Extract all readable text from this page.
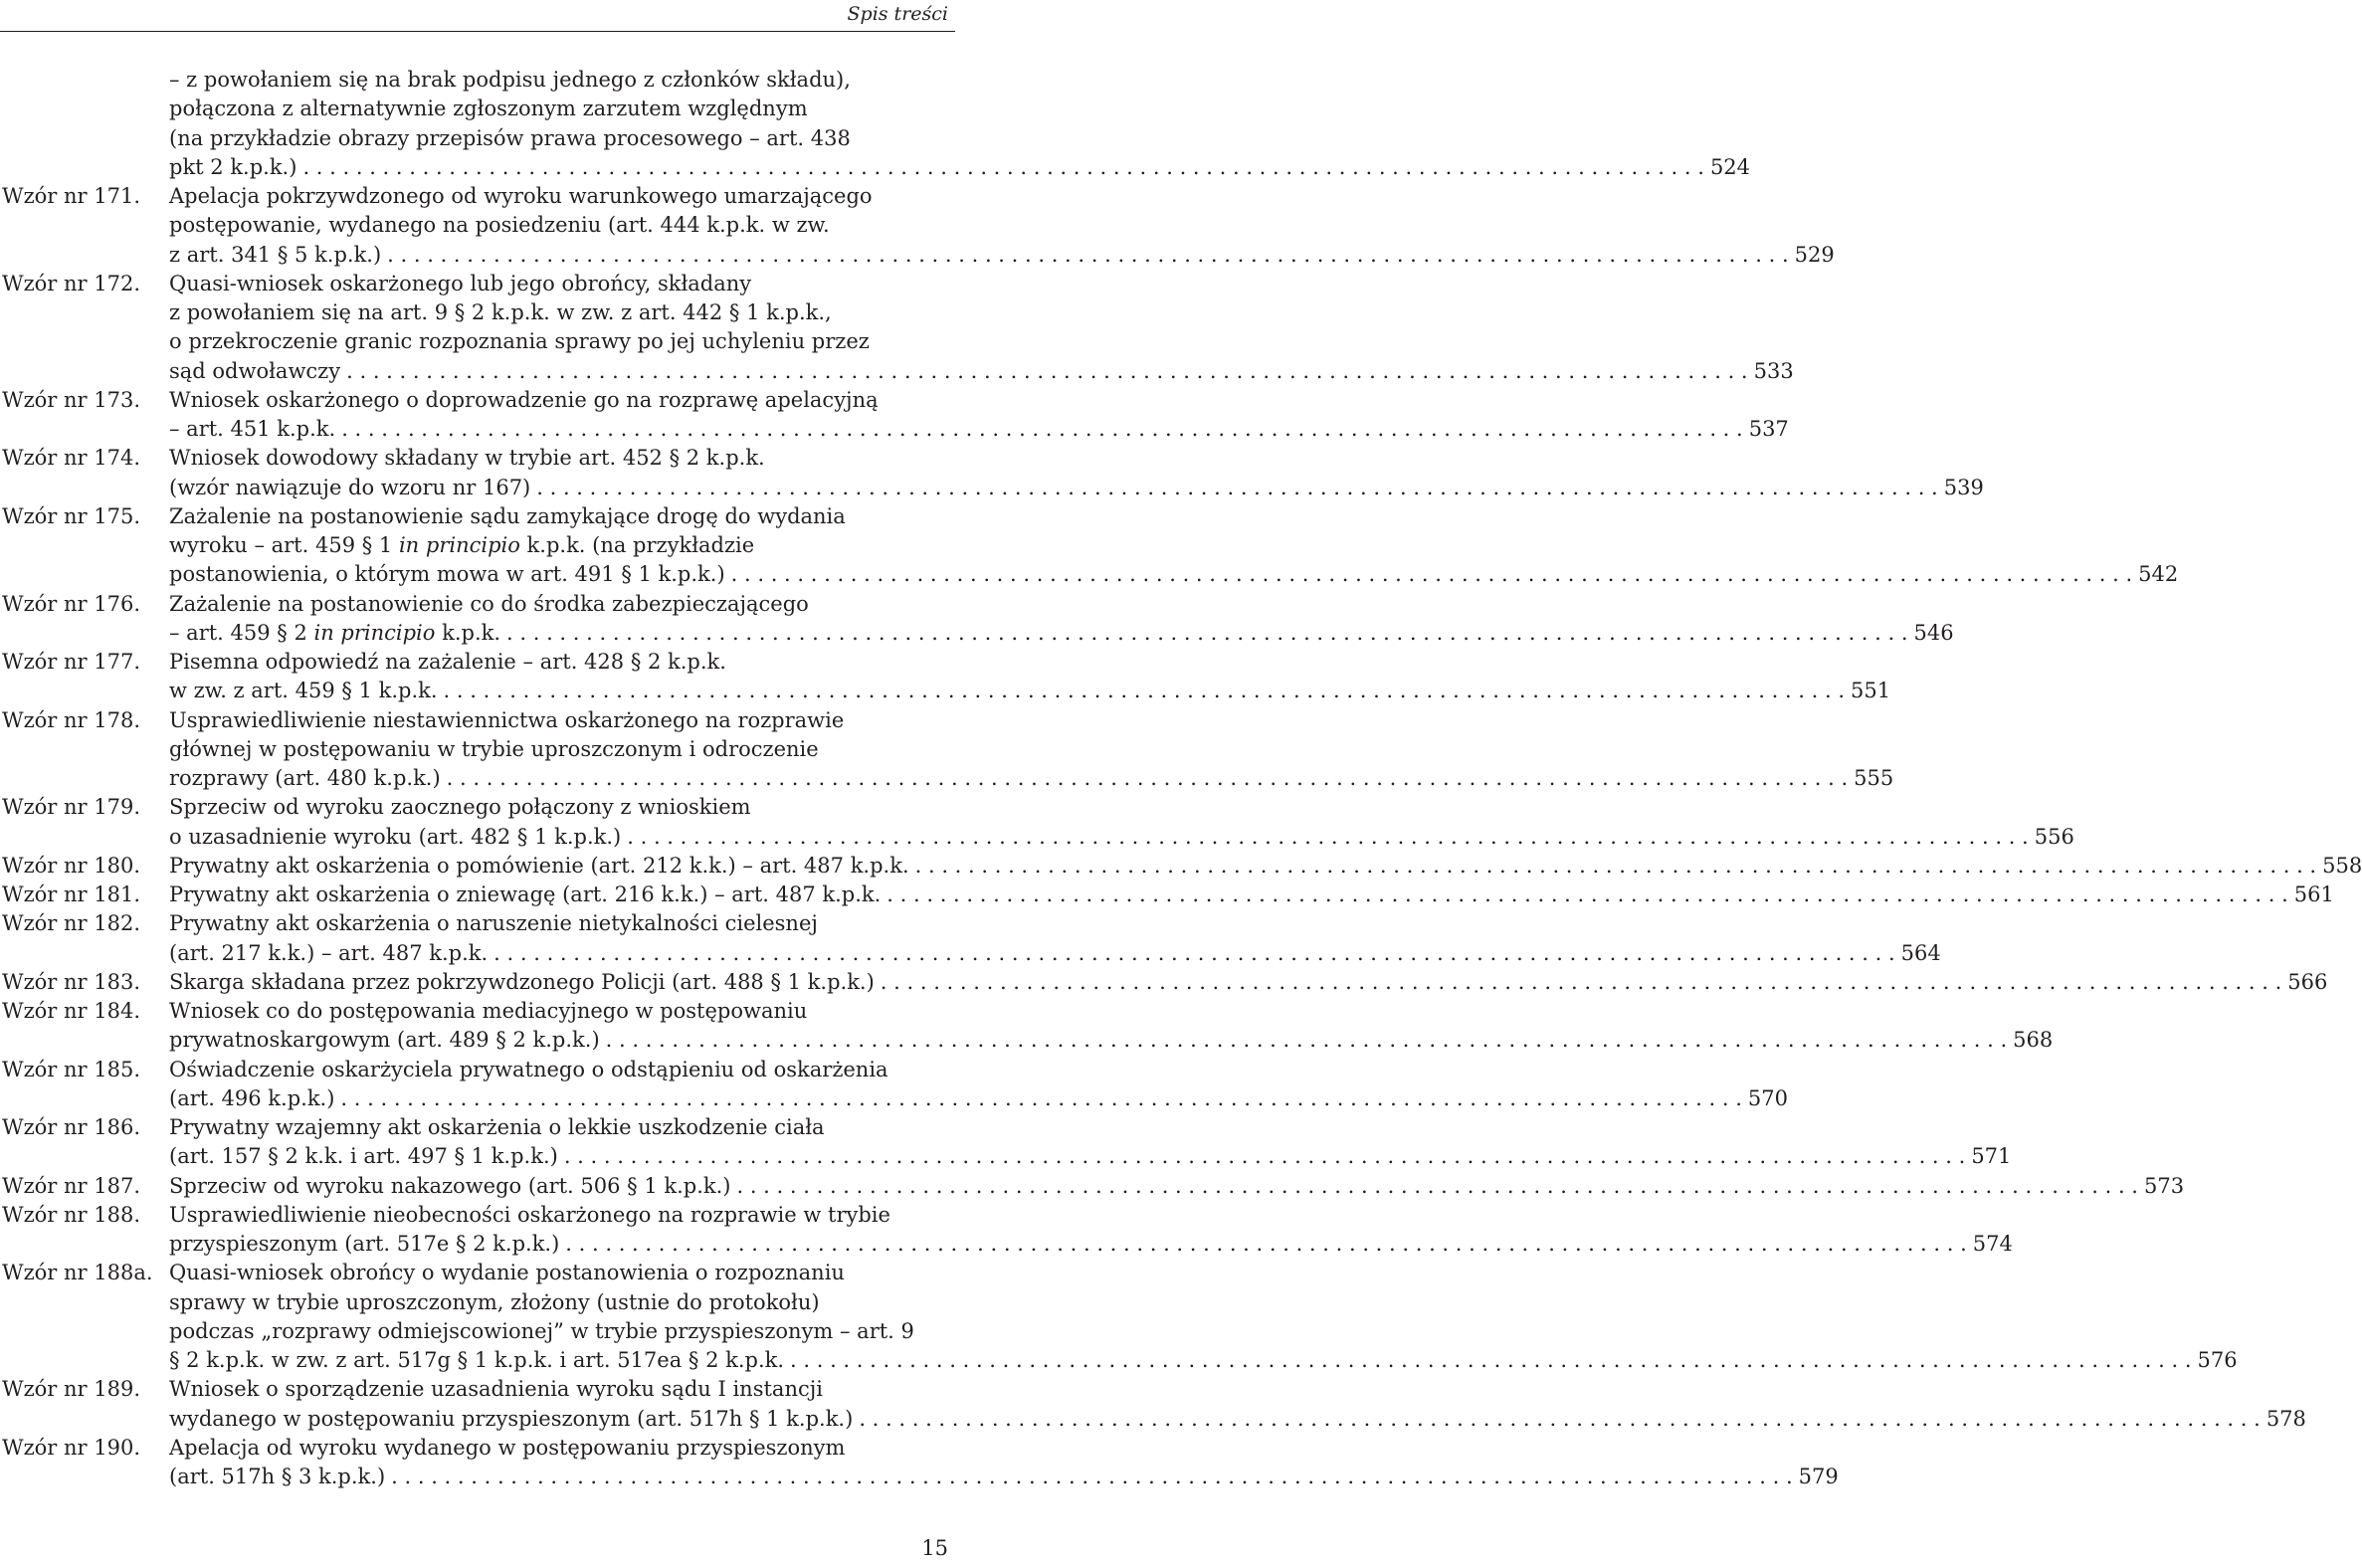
Spis treści
– z powołaniem się na brak podpisu jednego z członków składu),
połączona z alternatywnie zgłoszonym zarzutem względnym
(na przykładzie obrazy przepisów prawa procesowego – art. 438
pkt 2 k.p.k.) . . .	524
Wzór nr 171. Apelacja pokrzywdzonego od wyroku warunkowego umarzającego
postępowanie, wydanego na posiedzeniu (art. 444 k.p.k. w zw.
z art. 341 § 5 k.p.k.) . . .	529
Wzór nr 172. Quasi-wniosek oskarżonego lub jego obrońcy, składany
z powołaniem się na art. 9 § 2 k.p.k. w zw. z art. 442 § 1 k.p.k.,
o przekroczenie granic rozpoznania sprawy po jej uchyleniu przez
sąd odwoławczy . . .	533
Wzór nr 173. Wniosek oskarżonego o doprowadzenie go na rozprawę apelacyjną
– art. 451 k.p.k. . . .	537
Wzór nr 174. Wniosek dowodowy składany w trybie art. 452 § 2 k.p.k.
(wzór nawiązuje do wzoru nr 167) . . .	539
Wzór nr 175. Zażalenie na postanowienie sądu zamykające drogę do wydania
wyroku – art. 459 § 1 in principio k.p.k. (na przykładzie
postanowienia, o którym mowa w art. 491 § 1 k.p.k.) . . .	542
Wzór nr 176. Zażalenie na postanowienie co do środka zabezpieczającego
– art. 459 § 2 in principio k.p.k. . . .	546
Wzór nr 177. Pisemna odpowiedź na zażalenie – art. 428 § 2 k.p.k.
w zw. z art. 459 § 1 k.p.k. . . .	551
Wzór nr 178. Usprawiedliwienie niestawiennictwa oskarżonego na rozprawie
głównej w postępowaniu w trybie uproszczonym i odroczenie
rozprawy (art. 480 k.p.k.) . . .	555
Wzór nr 179. Sprzeciw od wyroku zaocznego połączony z wnioskiem
o uzasadnienie wyroku (art. 482 § 1 k.p.k.) . . .	556
Wzór nr 180. Prywatny akt oskarżenia o pomówienie (art. 212 k.k.) – art. 487 k.p.k. . . .	558
Wzór nr 181. Prywatny akt oskarżenia o zniewagę (art. 216 k.k.) – art. 487 k.p.k. . . .	561
Wzór nr 182. Prywatny akt oskarżenia o naruszenie nietykalności cielesnej
(art. 217 k.k.) – art. 487 k.p.k. . . .	564
Wzór nr 183. Skarga składana przez pokrzywdzonego Policji (art. 488 § 1 k.p.k.) . . .	566
Wzór nr 184. Wniosek co do postępowania mediacyjnego w postępowaniu
prywatnoskargowym (art. 489 § 2 k.p.k.) . . .	568
Wzór nr 185. Oświadczenie oskarżyciela prywatnego o odstąpieniu od oskarżenia
(art. 496 k.p.k.) . . .	570
Wzór nr 186. Prywatny wzajemny akt oskarżenia o lekkie uszkodzenie ciała
(art. 157 § 2 k.k. i art. 497 § 1 k.p.k.) . . .	571
Wzór nr 187. Sprzeciw od wyroku nakazowego (art. 506 § 1 k.p.k.) . . .	573
Wzór nr 188. Usprawiedliwienie nieobecności oskarżonego na rozprawie w trybie
przyspieszonym (art. 517e § 2 k.p.k.) . . .	574
Wzór nr 188a. Quasi-wniosek obrońcy o wydanie postanowienia o rozpoznaniu
sprawy w trybie uproszczonym, złożony (ustnie do protokołu)
podczas „rozprawy odmiejscowionej” w trybie przyspieszonym – art. 9
§ 2 k.p.k. w zw. z art. 517g § 1 k.p.k. i art. 517ea § 2 k.p.k. . . .	576
Wzór nr 189. Wniosek o sporządzenie uzasadnienia wyroku sądu I instancji
wydanego w postępowaniu przyspieszonym (art. 517h § 1 k.p.k.) . . .	578
Wzór nr 190. Apelacja od wyroku wydanego w postępowaniu przyspieszonym
(art. 517h § 3 k.p.k.) . . .	579
15
